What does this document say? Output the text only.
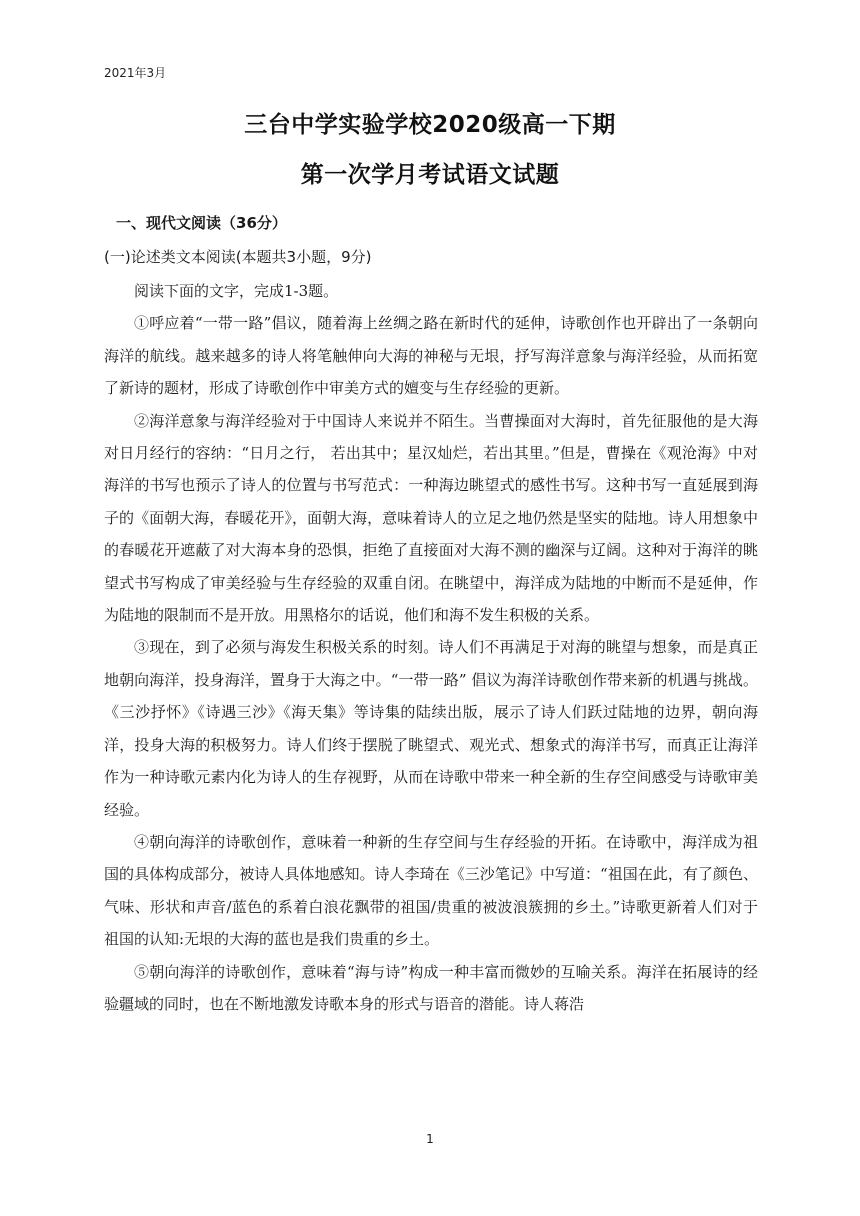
2021年3月
三台中学实验学校2020级高一下期
第一次学月考试语文试题
一、现代文阅读（36分）
(一)论述类文本阅读(本题共3小题，9分)

阅读下面的文字，完成1-3题。

①呼应着“一带一路”倡议，随着海上丝绸之路在新时代的延伸，诗歌创作也开辟出了一条朝向海洋的航线。越来越多的诗人将笔触伸向大海的神秘与无垠，抒写海洋意象与海洋经验，从而拓宽了新诗的题材，形成了诗歌创作中审美方式的嬗变与生存经验的更新。

②海洋意象与海洋经验对于中国诗人来说并不陌生。当曹操面对大海时，首先征服他的是大海对日月经行的容纳：“日月之行， 若出其中；星汉灿烂，若出其里。”但是，曹操在《观沧海》中对海洋的书写也预示了诗人的位置与书写范式：一种海边眺望式的感性书写。这种书写一直延展到海子的《面朝大海，春暖花开》，面朝大海，意味着诗人的立足之地仍然是坚实的陆地。诗人用想象中的春暖花开遮蔽了对大海本身的恐惧，拒绝了直接面对大海不测的幽深与辽阔。这种对于海洋的眺望式书写构成了审美经验与生存经验的双重自闭。在眺望中，海洋成为陆地的中断而不是延伸，作为陆地的限制而不是开放。用黑格尔的话说，他们和海不发生积极的关系。

③现在，到了必须与海发生积极关系的时刻。诗人们不再满足于对海的眺望与想象，而是真正地朝向海洋，投身海洋，置身于大海之中。“一带一路” 倡议为海洋诗歌创作带来新的机遇与挑战。《三沙抒怀》《诗遇三沙》《海天集》等诗集的陆续出版，展示了诗人们跃过陆地的边界，朝向海洋，投身大海的积极努力。诗人们终于摆脱了眺望式、观光式、想象式的海洋书写，而真正让海洋作为一种诗歌元素内化为诗人的生存视野，从而在诗歌中带来一种全新的生存空间感受与诗歌审美经验。

④朝向海洋的诗歌创作，意味着一种新的生存空间与生存经验的开拓。在诗歌中，海洋成为祖国的具体构成部分，被诗人具体地感知。诗人李琦在《三沙笔记》中写道：“祖国在此，有了颜色、气味、形状和声音/蓝色的系着白浪花飘带的祖国/贵重的被波浪簇拥的乡土。”诗歌更新着人们对于祖国的认知:无垠的大海的蓝也是我们贵重的乡土。

⑤朝向海洋的诗歌创作，意味着“海与诗”构成一种丰富而微妙的互喻关系。海洋在拓展诗的经验疆域的同时，也在不断地激发诗歌本身的形式与语音的潜能。诗人蒋浩

1
